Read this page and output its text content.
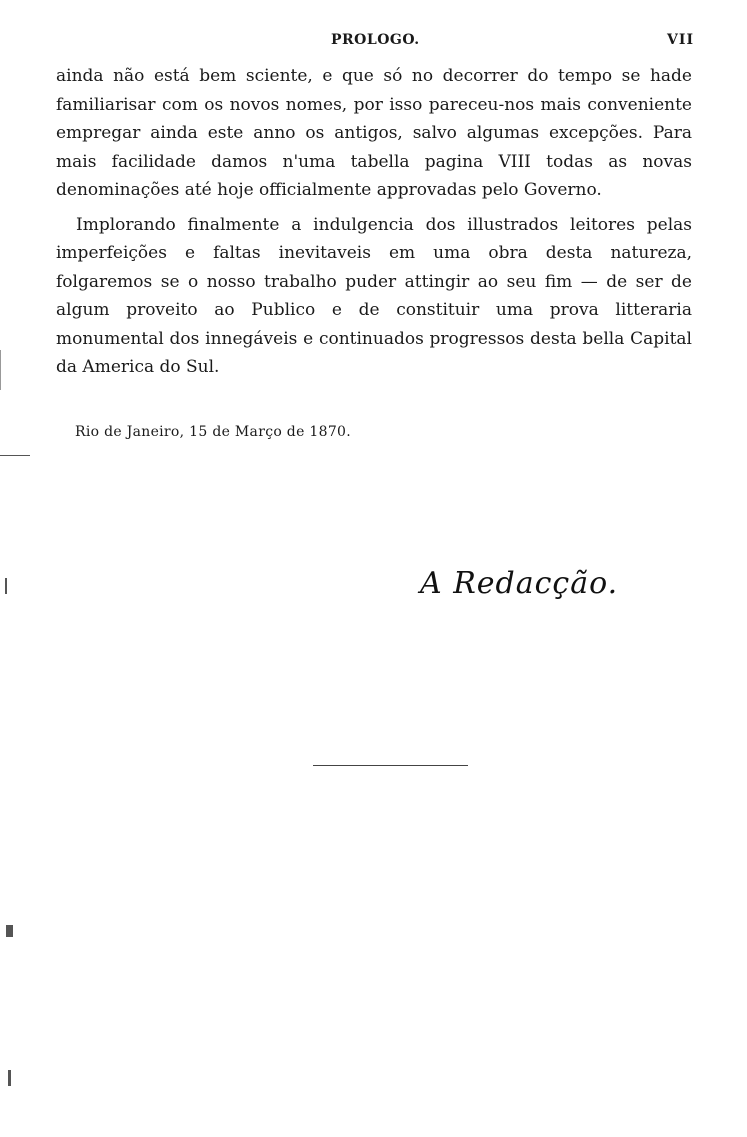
PROLOGO.	VII

ainda não está bem sciente, e que só no decorrer do tempo se hade familiarisar com os novos nomes, por isso pareceu-nos mais conveniente empregar ainda este anno os antigos, salvo algumas excepções. Para mais facilidade damos n'uma tabella pagina VIII todas as novas denominações até hoje officialmente approvadas pelo Governo.

Implorando finalmente a indulgencia dos illustrados leitores pelas imperfeições e faltas inevitaveis em uma obra desta natureza, folgaremos se o nosso trabalho puder attingir ao seu fim — de ser de algum proveito ao Publico e de constituir uma prova litteraria monumental dos innegáveis e continuados progressos desta bella Capital da America do Sul.

Rio de Janeiro, 15 de Março de 1870.
A Redacção.
